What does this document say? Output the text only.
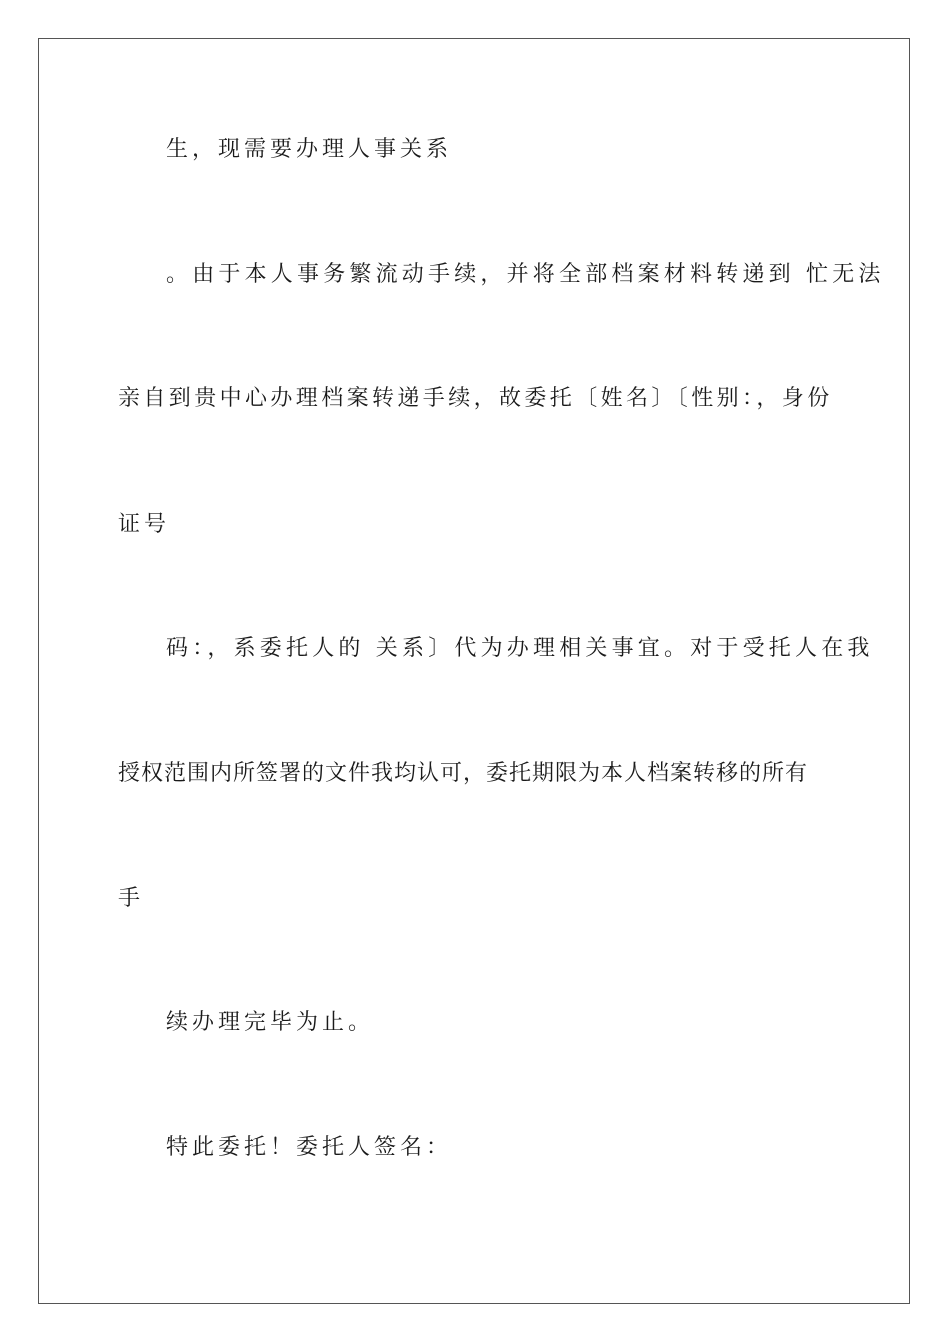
生，现需要办理人事关系
。由于本人事务繁流动手续，并将全部档案材料转递到 忙无法
亲自到贵中心办理档案转递手续，故委托〔姓名〕〔性别：，身份
证号
码：，系委托人的 关系〕代为办理相关事宜。对于受托人在我
授权范围内所签署的文件我均认可，委托期限为本人档案转移的所有
手
续办理完毕为止。
特此委托！委托人签名：
